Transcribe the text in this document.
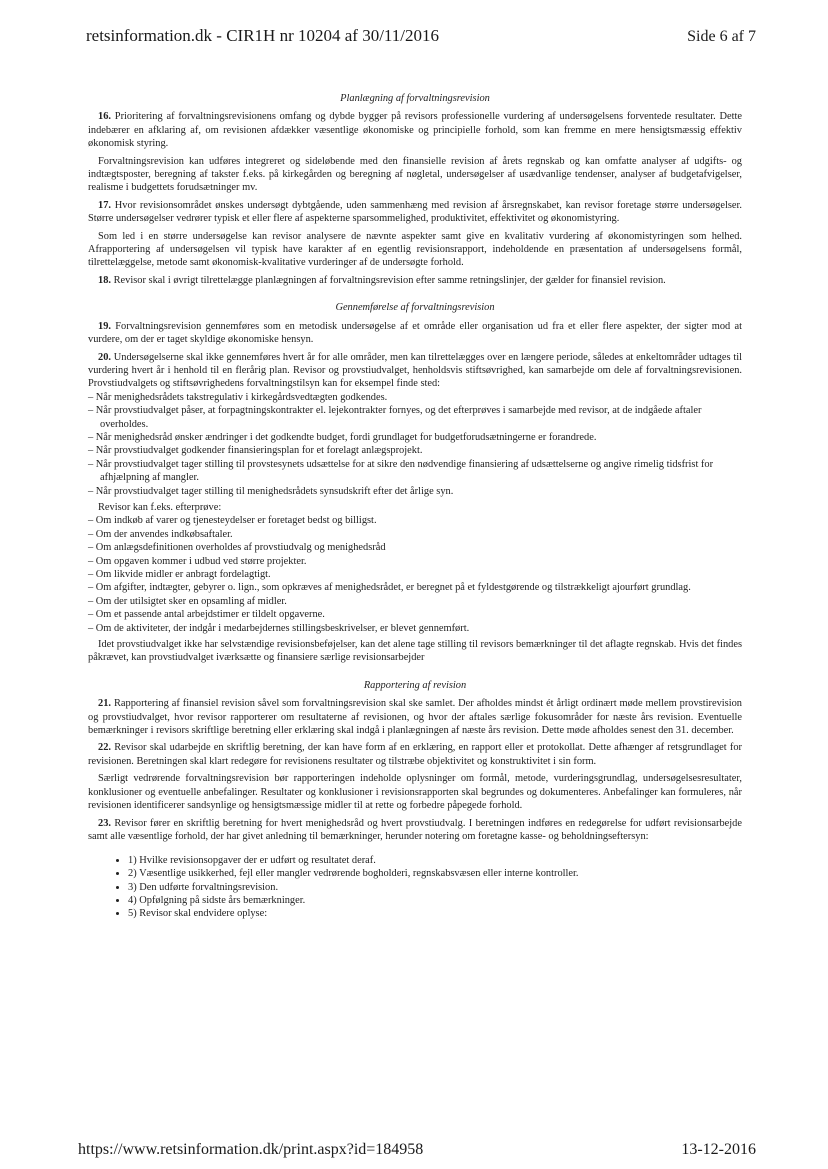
retsinformation.dk - CIR1H nr 10204 af 30/11/2016	Side 6 af 7
Planlægning af forvaltningsrevision

16. Prioritering af forvaltningsrevisionens omfang og dybde bygger på revisors professionelle vurdering af undersøgelsens forventede resultater. Dette indebærer en afklaring af, om revisionen afdækker væsentlige økonomiske og principielle forhold, som kan fremme en mere hensigtsmæssig effektiv økonomisk styring.

Forvaltningsrevision kan udføres integreret og sideløbende med den finansielle revision af årets regnskab og kan omfatte analyser af udgifts- og indtægtsposter, beregning af takster f.eks. på kirkegården og beregning af nøgletal, undersøgelser af usædvanlige tendenser, analyser af budgetafvigelser, realisme i budgettets forudsætninger mv.

17. Hvor revisionsområdet ønskes undersøgt dybtgående, uden sammenhæng med revision af årsregnskabet, kan revisor foretage større undersøgelser. Større undersøgelser vedrører typisk et eller flere af aspekterne sparsommelighed, produktivitet, effektivitet og økonomistyring.

Som led i en større undersøgelse kan revisor analysere de nævnte aspekter samt give en kvalitativ vurdering af økonomistyringen som helhed. Afrapportering af undersøgelsen vil typisk have karakter af en egentlig revisionsrapport, indeholdende en præsentation af undersøgelsens formål, tilrettelæggelse, metode samt økonomisk-kvalitative vurderinger af de undersøgte forhold.

18. Revisor skal i øvrigt tilrettelægge planlægningen af forvaltningsrevision efter samme retningslinjer, der gælder for finansiel revision.

Gennemførelse af forvaltningsrevision

19. Forvaltningsrevision gennemføres som en metodisk undersøgelse af et område eller organisation ud fra et eller flere aspekter, der sigter mod at vurdere, om der er taget skyldige økonomiske hensyn.

20. Undersøgelserne skal ikke gennemføres hvert år for alle områder, men kan tilrettelægges over en længere periode, således at enkeltområder udtages til vurdering hvert år i henhold til en flerårig plan. Revisor og provstiudvalget, henholdsvis stiftsøvrighed, kan samarbejde om dele af forvaltningsrevisionen. Provstiudvalgets og stiftsøvrighedens forvaltningstilsyn kan for eksempel finde sted:

– Når menighedsrådets takstregulativ i kirkegårdsvedtægten godkendes.
– Når provstiudvalget påser, at forpagtningskontrakter el. lejekontrakter fornyes, og det efterprøves i samarbejde med revisor, at de indgåede aftaler overholdes.
– Når menighedsråd ønsker ændringer i det godkendte budget, fordi grundlaget for budgetforudsætningerne er forandrede.
– Når provstiudvalget godkender finansieringsplan for et forelagt anlægsprojekt.
– Når provstiudvalget tager stilling til provstesynets udsættelse for at sikre den nødvendige finansiering af udsættelserne og angive rimelig tidsfrist for afhjælpning af mangler.
– Når provstiudvalget tager stilling til menighedsrådets synsudskrift efter det årlige syn.

Revisor kan f.eks. efterprøve:

– Om indkøb af varer og tjenesteydelser er foretaget bedst og billigst.
– Om der anvendes indkøbsaftaler.
– Om anlægsdefinitionen overholdes af provstiudvalg og menighedsråd
– Om opgaven kommer i udbud ved større projekter.
– Om likvide midler er anbragt fordelagtigt.
– Om afgifter, indtægter, gebyrer o. lign., som opkræves af menighedsrådet, er beregnet på et fyldestgørende og tilstrækkeligt ajourført grundlag.
– Om der utilsigtet sker en opsamling af midler.
– Om et passende antal arbejdstimer er tildelt opgaverne.
– Om de aktiviteter, der indgår i medarbejdernes stillingsbeskrivelser, er blevet gennemført.

Idet provstiudvalget ikke har selvstændige revisionsbeføjelser, kan det alene tage stilling til revisors bemærkninger til det aflagte regnskab. Hvis det findes påkrævet, kan provstiudvalget iværksætte og finansiere særlige revisionsarbejder

Rapportering af revision

21. Rapportering af finansiel revision såvel som forvaltningsrevision skal ske samlet. Der afholdes mindst ét årligt ordinært møde mellem provstirevision og provstiudvalget, hvor revisor rapporterer om resultaterne af revisionen, og hvor der aftales særlige fokusområder for næste års revision. Eventuelle bemærkninger i revisors skriftlige beretning eller erklæring skal indgå i planlægningen af næste års revision. Dette møde afholdes senest den 31. december.

22. Revisor skal udarbejde en skriftlig beretning, der kan have form af en erklæring, en rapport eller et protokollat. Dette afhænger af retsgrundlaget for revisionen. Beretningen skal klart redegøre for revisionens resultater og tilstræbe objektivitet og konstruktivitet i sin form.

Særligt vedrørende forvaltningsrevision bør rapporteringen indeholde oplysninger om formål, metode, vurderingsgrundlag, undersøgelsesresultater, konklusioner og eventuelle anbefalinger. Resultater og konklusioner i revisionsrapporten skal begrundes og dokumenteres. Anbefalinger kan formuleres, når revisionen identificerer sandsynlige og hensigtsmæssige midler til at rette og forbedre påpegede forhold.

23. Revisor fører en skriftlig beretning for hvert menighedsråd og hvert provstiudvalg. I beretningen indføres en redegørelse for udført revisionsarbejde samt alle væsentlige forhold, der har givet anledning til bemærkninger, herunder notering om foretagne kasse- og beholdningseftersyn:

• 1) Hvilke revisionsopgaver der er udført og resultatet deraf.
• 2) Væsentlige usikkerhed, fejl eller mangler vedrørende bogholderi, regnskabsvæsen eller interne kontroller.
• 3) Den udførte forvaltningsrevision.
• 4) Opfølgning på sidste års bemærkninger.
• 5) Revisor skal endvidere oplyse:
https://www.retsinformation.dk/print.aspx?id=184958	13-12-2016
